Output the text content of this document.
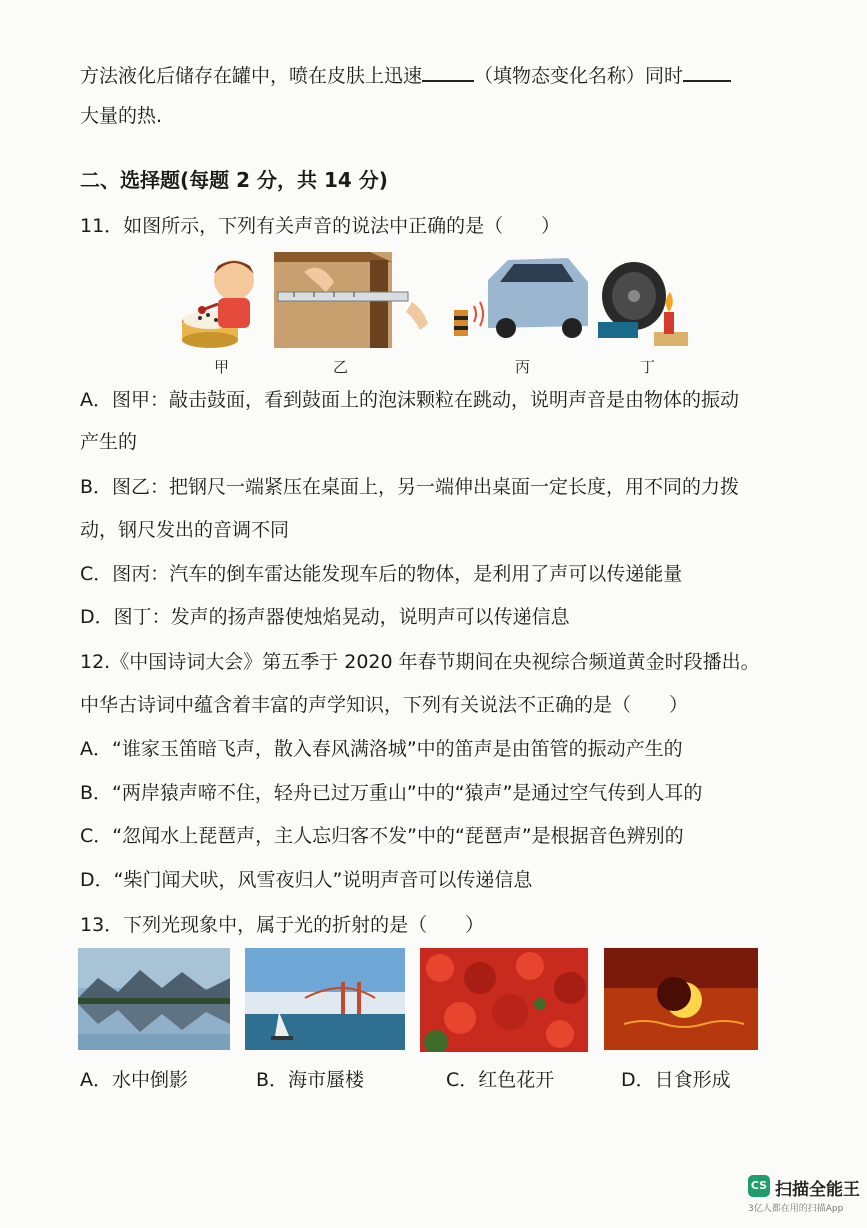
方法液化后储存在罐中，喷在皮肤上迅速	（填物态变化名称）同时
大量的热.
二、选择题(每题 2 分，共 14 分)
11．如图所示，下列有关声音的说法中正确的是（　　）
甲	乙	丙	丁
A．图甲：敲击鼓面，看到鼓面上的泡沫颗粒在跳动，说明声音是由物体的振动
产生的
B．图乙：把钢尺一端紧压在桌面上，另一端伸出桌面一定长度，用不同的力拨
动，钢尺发出的音调不同
C．图丙：汽车的倒车雷达能发现车后的物体，是利用了声可以传递能量
D．图丁：发声的扬声器使烛焰晃动，说明声可以传递信息
12.《中国诗词大会》第五季于 2020 年春节期间在央视综合频道黄金时段播出。
中华古诗词中蕴含着丰富的声学知识，下列有关说法不正确的是（　　）
A．“谁家玉笛暗飞声，散入春风满洛城”中的笛声是由笛管的振动产生的
B．“两岸猿声啼不住，轻舟已过万重山”中的“猿声”是通过空气传到人耳的
C．“忽闻水上琵琶声，主人忘归客不发”中的“琵琶声”是根据音色辨别的
D．“柴门闻犬吠，风雪夜归人”说明声音可以传递信息
13．下列光现象中，属于光的折射的是（　　）
A．水中倒影	B．海市蜃楼	C．红色花开	D．日食形成
CS 扫描全能王
3亿人都在用的扫描App
